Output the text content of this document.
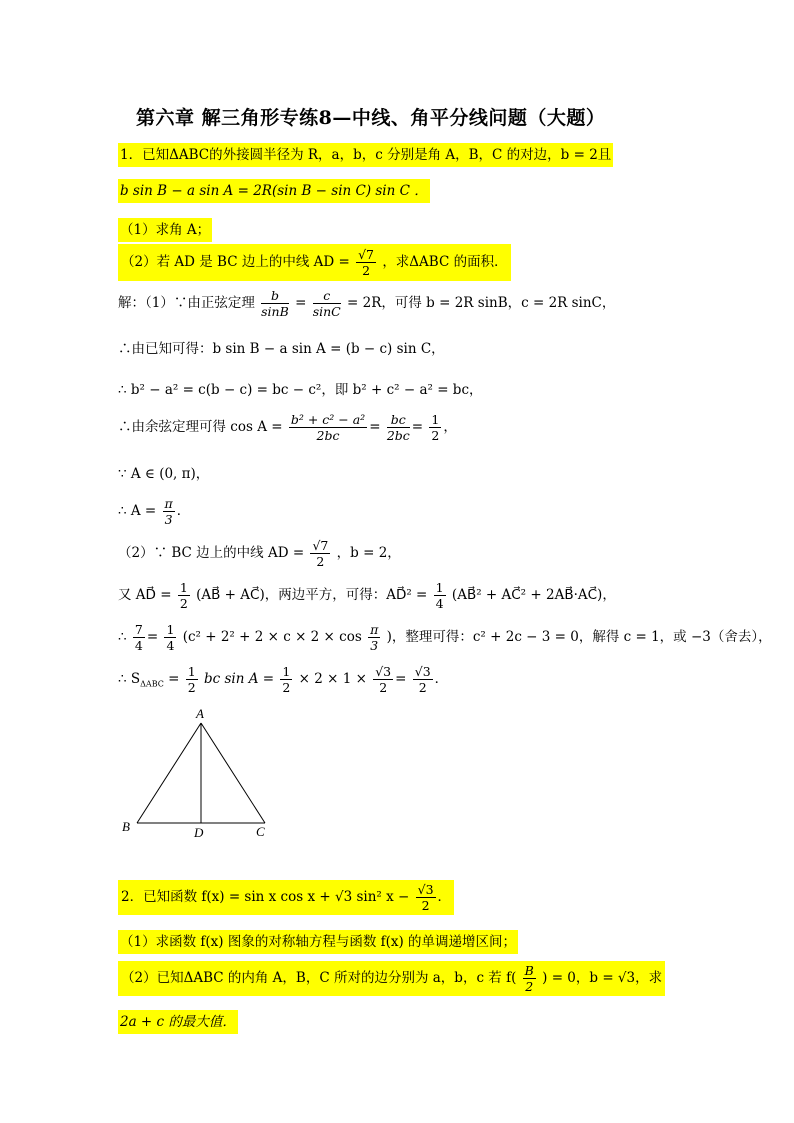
第六章 解三角形专练8—中线、角平分线问题（大题）
1．已知ΔABC的外接圆半径为 R，a，b，c 分别是角 A，B，C 的对边，b = 2且
b sin B − a sin A = 2R(sin B − sin C) sin C ．
（1）求角 A；
（2）若 AD 是 BC 边上的中线 AD = $\frac{√7}{2}$ ，求ΔABC 的面积．
解：（1）∵由正弦定理 $\frac{b}{\sin B} = \frac{c}{\sin C} = 2R$，可得 b = 2R sinB，c = 2R sinC，
∴由已知可得：b sin B − a sin A = (b − c) sin C，
∴ b² − a² = c(b − c) = bc − c²，即 b² + c² − a² = bc，
∴由余弦定理可得 $\cos A = \frac{\text{b² + c² − a²}}{2bc} = \frac{bc}{2bc} = \frac{1}{2}$ ，
∵ A ∈ (0, π)，
∴ $A = \frac{\pi}{3}$ ．
（2）∵ BC 边上的中线 AD = $\frac{√7}{2}$ ，b = 2，
又 AD⃗ = $\frac{1}{2}$ (AB⃗ + AC⃗)，两边平方，可得：AD⃗² = $\frac{1}{4}$ (AB⃗² + AC⃗² + 2AB⃗·AC⃗)，
∴ $\frac{7}{4} = \frac{1}{4} (c^2 + 2^2 + 2 \times c \times 2 \times \cos \frac{\pi}{3}$ )，整理可得：c² + 2c − 3 = 0，解得 c = 1，或 −3（舍去），
∴ $S_{\Delta ABC} = \frac{1}{2}$ bc $\sin A = \frac{1}{2} \times 2 \times 1 \times \frac{√3}{2} = \frac{√3}{2}$ ．
A
B	C
D
2．已知函数 f(x) = sin x cos x + √3 sin² $x - \frac{√3}{2}$ ．
（1）求函数 f(x) 图象的对称轴方程与函数 f(x) 的单调递增区间；
（2）已知ΔABC 的内角 A，B，C 所对的边分别为 a，b，c 若 $f( \frac{B}{2}$ ) = 0，b = √3，求
2a + c 的最大值．
